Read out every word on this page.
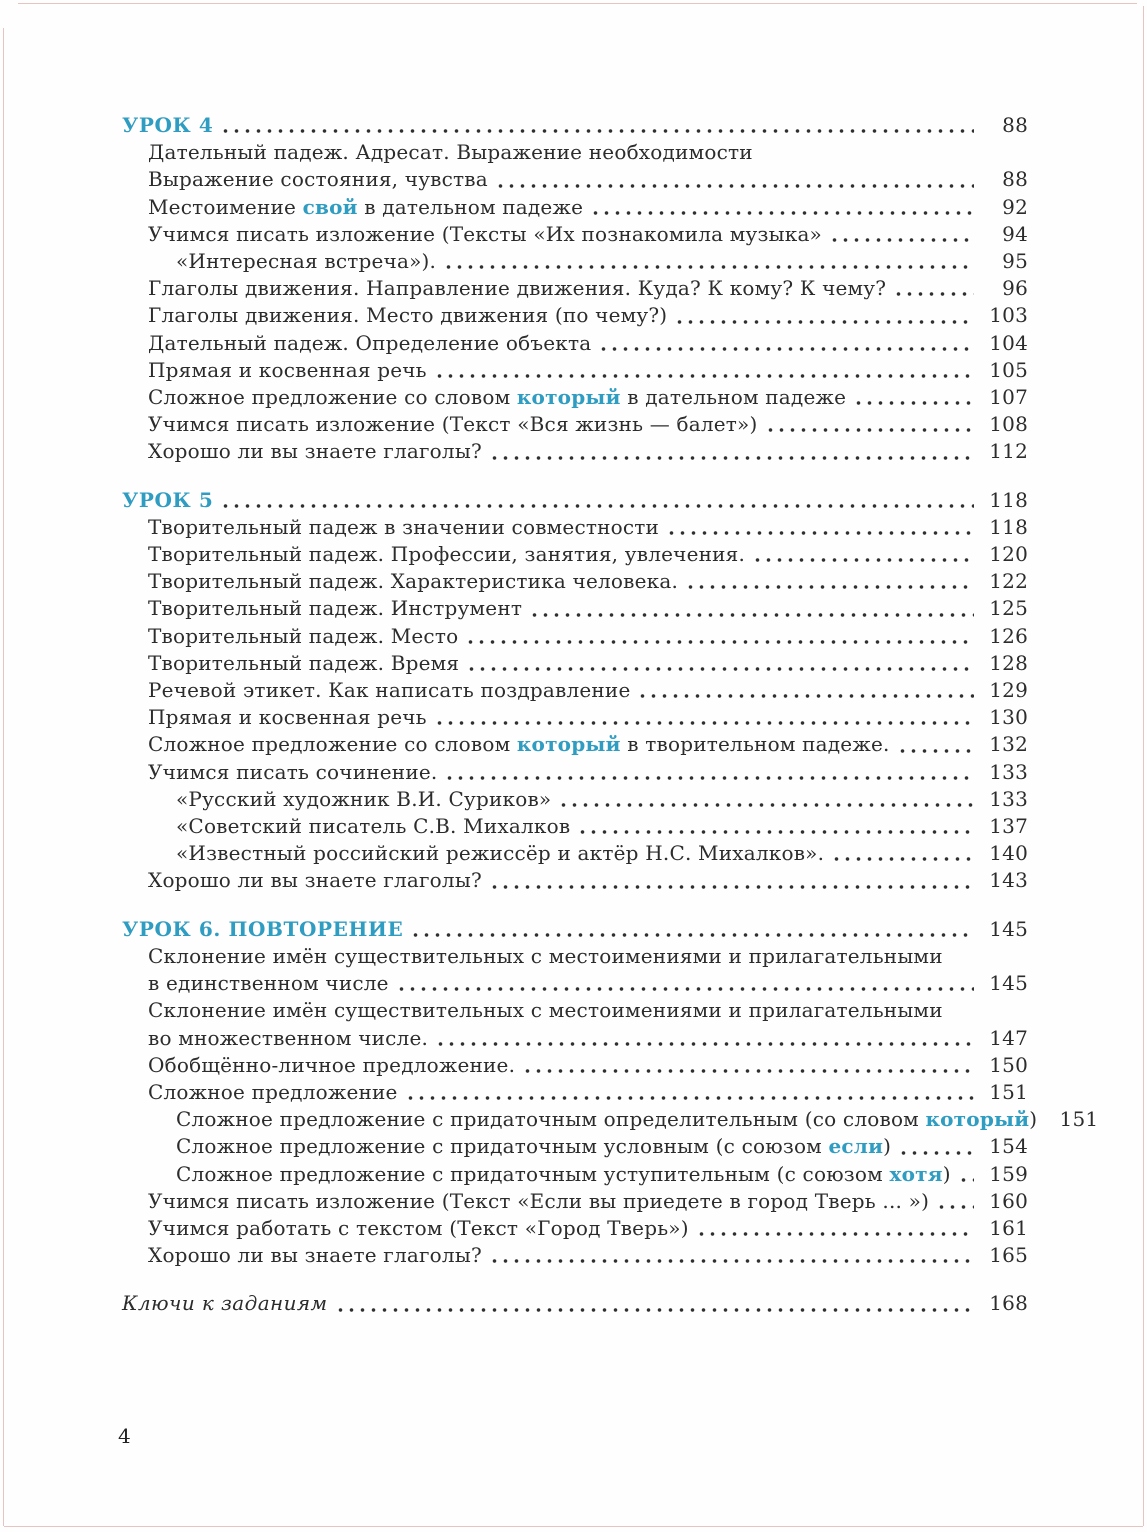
УРОК 4	88
Дательный падеж. Адресат. Выражение необходимости
Выражение состояния, чувства	88
Местоимение свой в дательном падеже	92
Учимся писать изложение (Тексты «Их познакомила музыка»	94
«Интересная встреча»).	95
Глаголы движения. Направление движения. Куда? К кому? К чему?	96
Глаголы движения. Место движения (по чему?)	103
Дательный падеж. Определение объекта	104
Прямая и косвенная речь	105
Сложное предложение со словом который в дательном падеже	107
Учимся писать изложение (Текст «Вся жизнь — балет»)	108
Хорошо ли вы знаете глаголы?	112
УРОК 5	118
Творительный падеж в значении совместности	118
Творительный падеж. Профессии, занятия, увлечения.	120
Творительный падеж. Характеристика человека.	122
Творительный падеж. Инструмент	125
Творительный падеж. Место	126
Творительный падеж. Время	128
Речевой этикет. Как написать поздравление	129
Прямая и косвенная речь	130
Сложное предложение со словом который в творительном падеже.	132
Учимся писать сочинение.	133
«Русский художник В.И. Суриков»	133
«Советский писатель С.В. Михалков	137
«Известный российский режиссёр и актёр Н.С. Михалков».	140
Хорошо ли вы знаете глаголы?	143
УРОК 6. ПОВТОРЕНИЕ	145
Склонение имён существительных с местоимениями и прилагательными
в единственном числе	145
Склонение имён существительных с местоимениями и прилагательными
во множественном числе.	147
Обобщённо-личное предложение.	150
Сложное предложение	151
Сложное предложение с придаточным определительным (со словом который)	151
Сложное предложение с придаточным условным (с союзом если)	154
Сложное предложение с придаточным уступительным (с союзом хотя)	159
Учимся писать изложение (Текст «Если вы приедете в город Тверь ... »)	160
Учимся работать с текстом (Текст «Город Тверь»)	161
Хорошо ли вы знаете глаголы?	165
Ключи к заданиям	168
4
